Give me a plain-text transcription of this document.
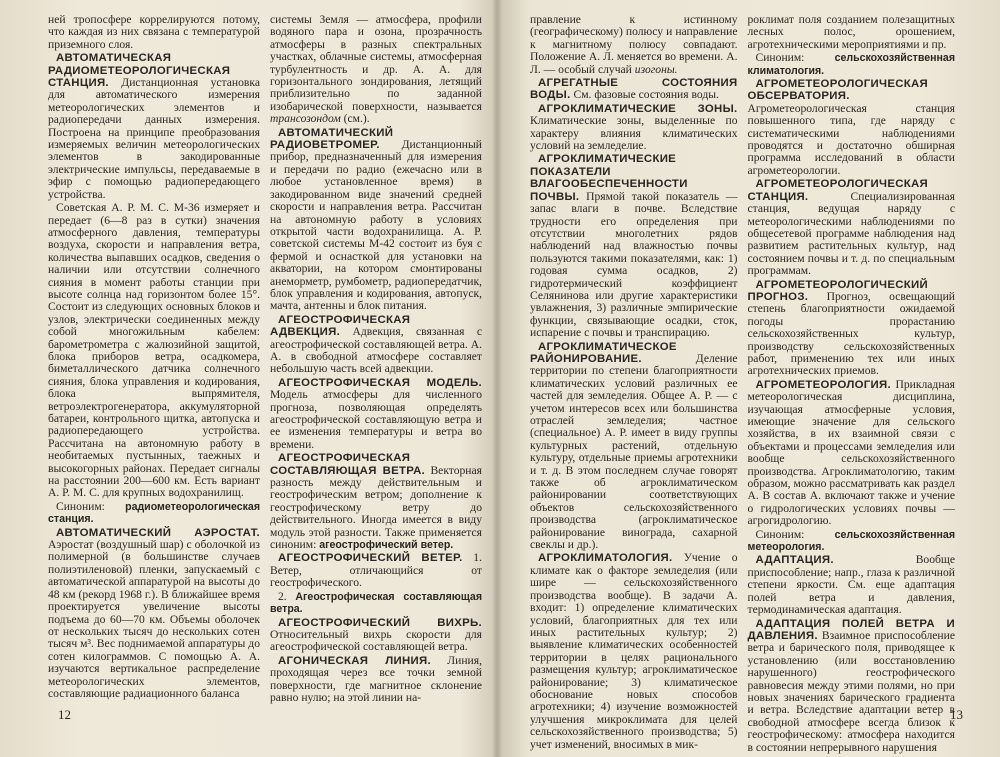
ней тропосфере коррелируются потому, что каждая из них связана с температурой приземного слоя.

АВТОМАТИЧЕСКАЯ РАДИОМЕТЕОРОЛОГИЧЕСКАЯ СТАНЦИЯ. Дистанционная установка для автоматического измерения метеорологических элементов и радиопередачи данных измерения. Построена на принципе преобразования измеряемых величин метеорологических элементов в закодированные электрические импульсы, передаваемые в эфир с помощью радиопередающего устройства.

Советская А. Р. М. С. М-36 измеряет и передает (6—8 раз в сутки) значения атмосферного давления, температуры воздуха, скорости и направления ветра, количества выпавших осадков, сведения о наличии или отсутствии солнечного сияния в момент работы станции при высоте солнца над горизонтом более 15°. Состоит из следующих основных блоков и узлов, электрически соединенных между собой многожильным кабелем: барометрометра с жалюзийной защитой, блока приборов ветра, осадкомера, биметаллического датчика солнечного сияния, блока управления и кодирования, блока выпрямителя, ветроэлектрогенератора, аккумуляторной батареи, контрольного щитка, автопуска и радиопередающего устройства. Рассчитана на автономную работу в необитаемых пустынных, таежных и высокогорных районах. Передает сигналы на расстоянии 200—600 км. Есть вариант А. Р. М. С. для крупных водохранилищ.

Синоним: радиометеорологическая станция.

АВТОМАТИЧЕСКИЙ АЭРОСТАТ. Аэростат (воздушный шар) с оболочкой из полимерной (в большинстве случаев полиэтиленовой) пленки, запускаемый с автоматической аппаратурой на высоты до 48 км (рекорд 1968 г.). В ближайшее время проектируется увеличение высоты подъема до 60—70 км. Объемы оболочек от нескольких тысяч до нескольких сотен тысяч м³. Вес поднимаемой аппаратуры до сотен килограммов. С помощью А. А. изучаются вертикальное распределение метеорологических элементов, составляющие радиационного баланса

системы Земля — атмосфера, профили водяного пара и озона, прозрачность атмосферы в разных спектральных участках, облачные системы, атмосферная турбулентность и др. А. А. для горизонтального зондирования, летящий приблизительно по заданной изобарической поверхности, называется трансозондом (см.).

АВТОМАТИЧЕСКИЙ РАДИОВЕТРОМЕР. Дистанционный прибор, предназначенный для измерения и передачи по радио (ежечасно или в любое установленное время) в закодированном виде значений средней скорости и направления ветра. Рассчитан на автономную работу в условиях открытой части водохранилища. А. Р. советской системы М-42 состоит из буя с фермой и оснасткой для установки на акватории, на котором смонтированы анеморметр, румбометр, радиопередатчик, блок управления и кодирования, автопуск, мачта, антенны и блок питания.

АГЕОСТРОФИЧЕСКАЯ АДВЕКЦИЯ. Адвекция, связанная с агеострофической составляющей ветра. А. А. в свободной атмосфере составляет небольшую часть всей адвекции.

АГЕОСТРОФИЧЕСКАЯ МОДЕЛЬ. Модель атмосферы для численного прогноза, позволяющая определять агеострофической составляющую ветра и ее изменения температуры и ветра во времени.

АГЕОСТРОФИЧЕСКАЯ СОСТАВЛЯЮЩАЯ ВЕТРА. Векторная разность между действительным и геострофическим ветром; дополнение к геострофическому ветру до действительного. Иногда имеется в виду модуль этой разности. Также применяется синоним: агеострофический ветер.

АГЕОСТРОФИЧЕСКИЙ ВЕТЕР. 1. Ветер, отличающийся от геострофического.

2. Агеострофическая составляющая ветра.

АГЕОСТРОФИЧЕСКИЙ ВИХРЬ. Относительный вихрь скорости для агеострофической составляющей ветра.

АГОНИЧЕСКАЯ ЛИНИЯ. Линия, проходящая через все точки земной поверхности, где магнитное склонение равно нулю; на этой линии на-

12

правление к истинному (географическому) полюсу и направление к магнитному полюсу совпадают. Положение А. Л. меняется во времени. А. Л. — особый случай изогоны.

АГРЕГАТНЫЕ СОСТОЯНИЯ ВОДЫ. См. фазовые состояния воды.

АГРОКЛИМАТИЧЕСКИЕ ЗОНЫ. Климатические зоны, выделенные по характеру влияния климатических условий на земледелие.

АГРОКЛИМАТИЧЕСКИЕ ПОКАЗАТЕЛИ ВЛАГООБЕСПЕЧЕННОСТИ ПОЧВЫ. Прямой такой показатель — запас влаги в почве. Вследствие трудности его определения при отсутствии многолетних рядов наблюдений над влажностью почвы пользуются такими показателями, как: 1) годовая сумма осадков, 2) гидротермический коэффициент Селянинова или другие характеристики увлажнения, 3) различные эмпирические функции, связывающие осадки, сток, испарение с почвы и транспирацию.

АГРОКЛИМАТИЧЕСКОЕ РАЙОНИРОВАНИЕ. Деление территории по степени благоприятности климатических условий различных ее частей для земледелия. Общее А. Р. — с учетом интересов всех или большинства отраслей земледелия; частное (специальное) А. Р. имеет в виду группы культурных растений, отдельную культуру, отдельные приемы агротехники и т. д. В этом последнем случае говорят также об агроклиматическом районировании соответствующих объектов сельскохозяйственного производства (агроклиматическое районирование винограда, сахарной свеклы и др.).

АГРОКЛИМАТОЛОГИЯ. Учение о климате как о факторе земледелия (или шире — сельскохозяйственного производства вообще). В задачи А. входит: 1) определение климатических условий, благоприятных для тех или иных растительных культур; 2) выявление климатических особенностей территории в целях рационального размещения культур; агроклиматическое районирование; 3) климатическое обоснование новых способов агротехники; 4) изучение возможностей улучшения микроклимата для целей сельскохозяйственного производства; 5) учет изменений, вносимых в мик-

роклимат поля созданием полезащитных лесных полос, орошением, агротехническими мероприятиями и пр.

Синоним: сельскохозяйственная климатология.

АГРОМЕТЕОРОЛОГИЧЕСКАЯ ОБСЕРВАТОРИЯ. Агрометеорологическая станция повышенного типа, где наряду с систематическими наблюдениями проводятся и достаточно обширная программа исследований в области агрометеорологии.

АГРОМЕТЕОРОЛОГИЧЕСКАЯ СТАНЦИЯ. Специализированная станция, ведущая наряду с метеорологическими наблюдениями по общесетевой программе наблюдения над развитием растительных культур, над состоянием почвы и т. д. по специальным программам.

АГРОМЕТЕОРОЛОГИЧЕСКИЙ ПРОГНОЗ. Прогноз, освещающий степень благоприятности ожидаемой погоды прорастанию сельскохозяйственных культур, производству сельскохозяйственных работ, применению тех или иных агротехнических приемов.

АГРОМЕТЕОРОЛОГИЯ. Прикладная метеорологическая дисциплина, изучающая атмосферные условия, имеющие значение для сельского хозяйства, в их взаимной связи с объектами и процессами земледелия или вообще сельскохозяйственного производства. Агроклиматологию, таким образом, можно рассматривать как раздел А. В состав А. включают также и учение о гидрологических условиях почвы — агрогидрологию.

Синоним: сельскохозяйственная метеорология.

АДАПТАЦИЯ. Вообще приспособление; напр., глаза к различной степени яркости. См. еще адаптация полей ветра и давления, термодинамическая адаптация.

АДАПТАЦИЯ ПОЛЕЙ ВЕТРА И ДАВЛЕНИЯ. Взаимное приспособление ветра и барического поля, приводящее к установлению (или восстановлению нарушенного) геострофического равновесия между этими полями, но при новых значениях барического градиента и ветра. Вследствие адаптации ветер в свободной атмосфере всегда близок к геострофическому: атмосфера находится в состоянии непрерывного нарушения

13
